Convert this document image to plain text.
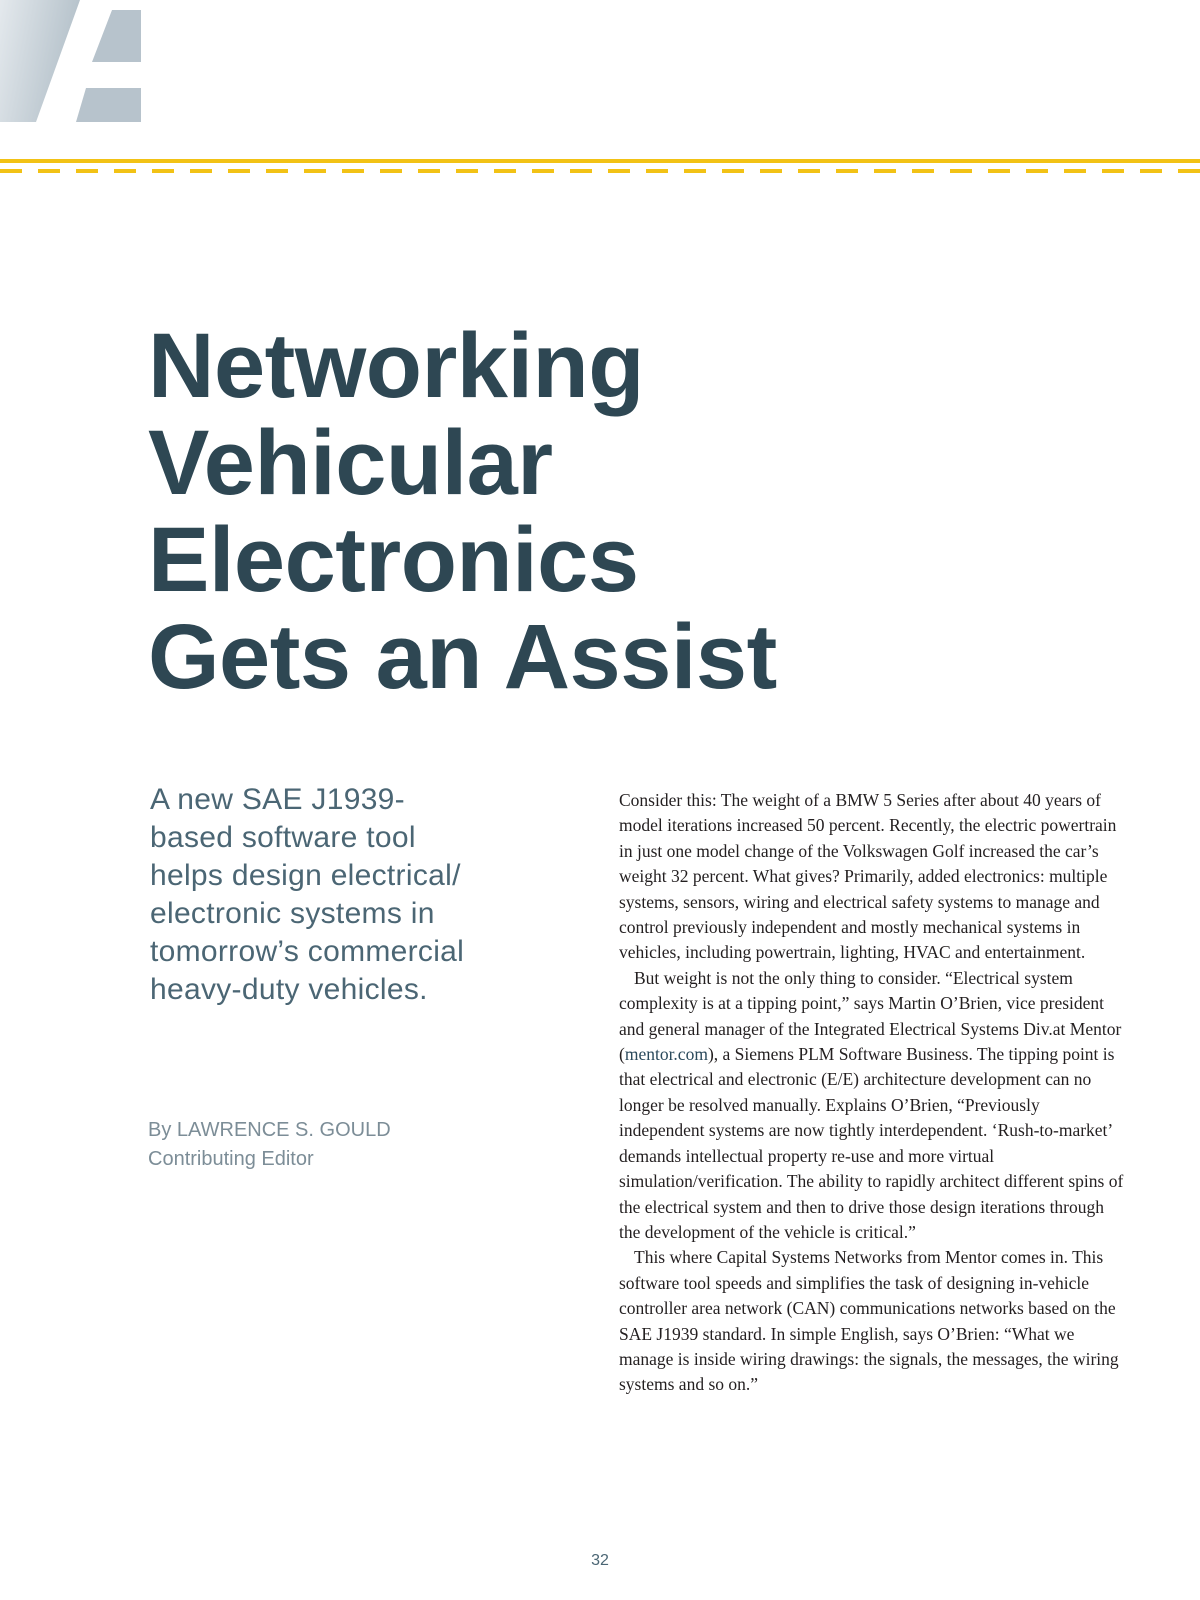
Networking
Vehicular
Electronics
Gets an Assist
A new SAE J1939-
based software tool
helps design electrical/
electronic systems in
tomorrow’s commercial
heavy-duty vehicles.
By LAWRENCE S. GOULD
Contributing Editor

Consider this: The weight of a BMW 5 Series after about 40 years of model iterations increased 50 percent. Recently, the electric powertrain in just one model change of the Volkswagen Golf increased the car’s weight 32 percent. What gives? Primarily, added electronics: multiple systems, sensors, wiring and electrical safety systems to manage and control previously independent and mostly mechanical systems in vehicles, including powertrain, lighting, HVAC and entertainment.

But weight is not the only thing to consider. “Electrical system complexity is at a tipping point,” says Martin O’Brien, vice president and general manager of the Integrated Electrical Systems Div.at Mentor (mentor.com), a Siemens PLM Software Business. The tipping point is that electrical and electronic (E/E) architecture development can no longer be resolved manually. Explains O’Brien, “Previously independent systems are now tightly interdependent. ‘Rush-to-market’ demands intellectual property re-use and more virtual simulation/verification. The ability to rapidly architect different spins of the electrical system and then to drive those design iterations through the development of the vehicle is critical.”

This where Capital Systems Networks from Mentor comes in. This software tool speeds and simplifies the task of designing in-vehicle controller area network (CAN) communications networks based on the SAE J1939 standard. In simple English, says O’Brien: “What we manage is inside wiring drawings: the signals, the messages, the wiring systems and so on.”

32
